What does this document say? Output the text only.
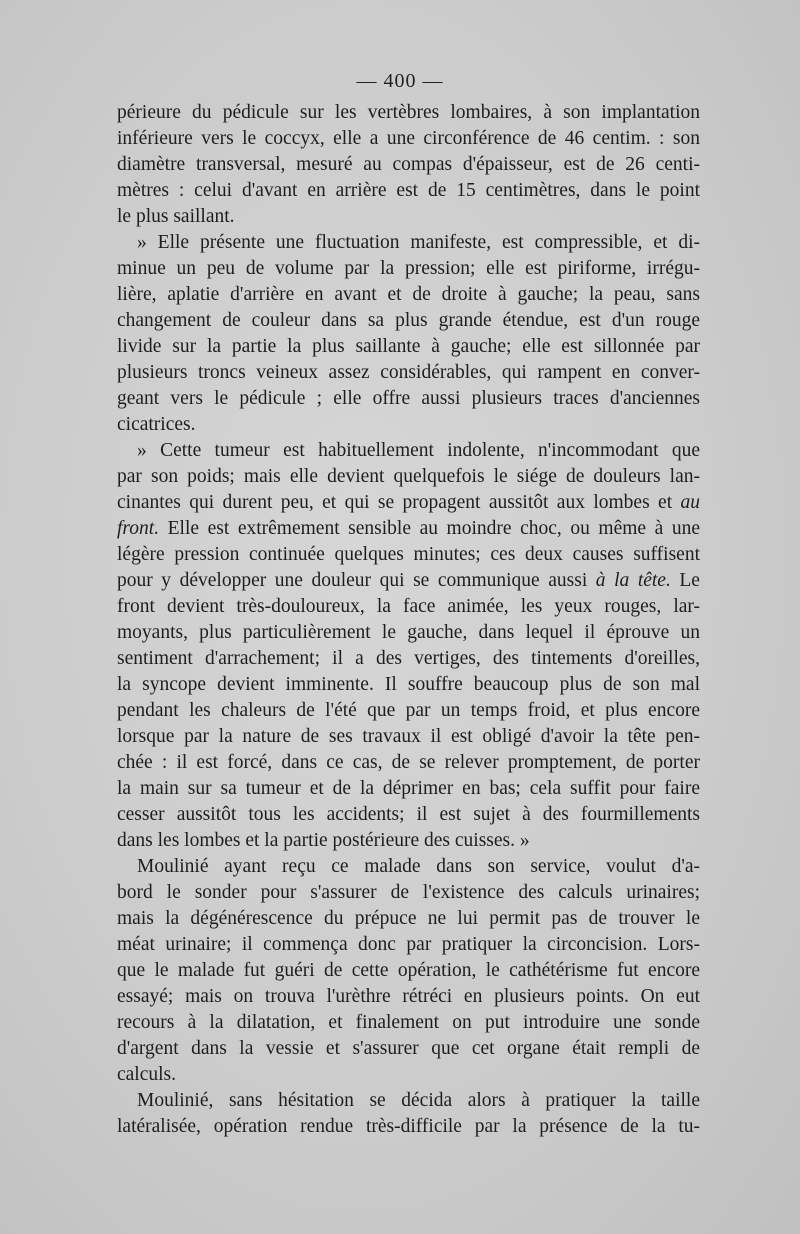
— 400 —
périeure du pédicule sur les vertèbres lombaires, à son implantation
inférieure vers le coccyx, elle a une circonférence de 46 centim. : son
diamètre transversal, mesuré au compas d'épaisseur, est de 26 centi-
mètres : celui d'avant en arrière est de 15 centimètres, dans le point
le plus saillant.
» Elle présente une fluctuation manifeste, est compressible, et di-
minue un peu de volume par la pression; elle est piriforme, irrégu-
lière, aplatie d'arrière en avant et de droite à gauche; la peau, sans
changement de couleur dans sa plus grande étendue, est d'un rouge
livide sur la partie la plus saillante à gauche; elle est sillonnée par
plusieurs troncs veineux assez considérables, qui rampent en conver-
geant vers le pédicule ; elle offre aussi plusieurs traces d'anciennes
cicatrices.
» Cette tumeur est habituellement indolente, n'incommodant que
par son poids; mais elle devient quelquefois le siége de douleurs lan-
cinantes qui durent peu, et qui se propagent aussitôt aux lombes et au
front. Elle est extrêmement sensible au moindre choc, ou même à une
légère pression continuée quelques minutes; ces deux causes suffisent
pour y développer une douleur qui se communique aussi à la tête. Le
front devient très-douloureux, la face animée, les yeux rouges, lar-
moyants, plus particulièrement le gauche, dans lequel il éprouve un
sentiment d'arrachement; il a des vertiges, des tintements d'oreilles,
la syncope devient imminente. Il souffre beaucoup plus de son mal
pendant les chaleurs de l'été que par un temps froid, et plus encore
lorsque par la nature de ses travaux il est obligé d'avoir la tête pen-
chée : il est forcé, dans ce cas, de se relever promptement, de porter
la main sur sa tumeur et de la déprimer en bas; cela suffit pour faire
cesser aussitôt tous les accidents; il est sujet à des fourmillements
dans les lombes et la partie postérieure des cuisses. »
Moulinié ayant reçu ce malade dans son service, voulut d'a-
bord le sonder pour s'assurer de l'existence des calculs urinaires;
mais la dégénérescence du prépuce ne lui permit pas de trouver le
méat urinaire; il commença donc par pratiquer la circoncision. Lors-
que le malade fut guéri de cette opération, le cathétérisme fut encore
essayé; mais on trouva l'urèthre rétréci en plusieurs points. On eut
recours à la dilatation, et finalement on put introduire une sonde
d'argent dans la vessie et s'assurer que cet organe était rempli de
calculs.
Moulinié, sans hésitation se décida alors à pratiquer la taille
latéralisée, opération rendue très-difficile par la présence de la tu-
